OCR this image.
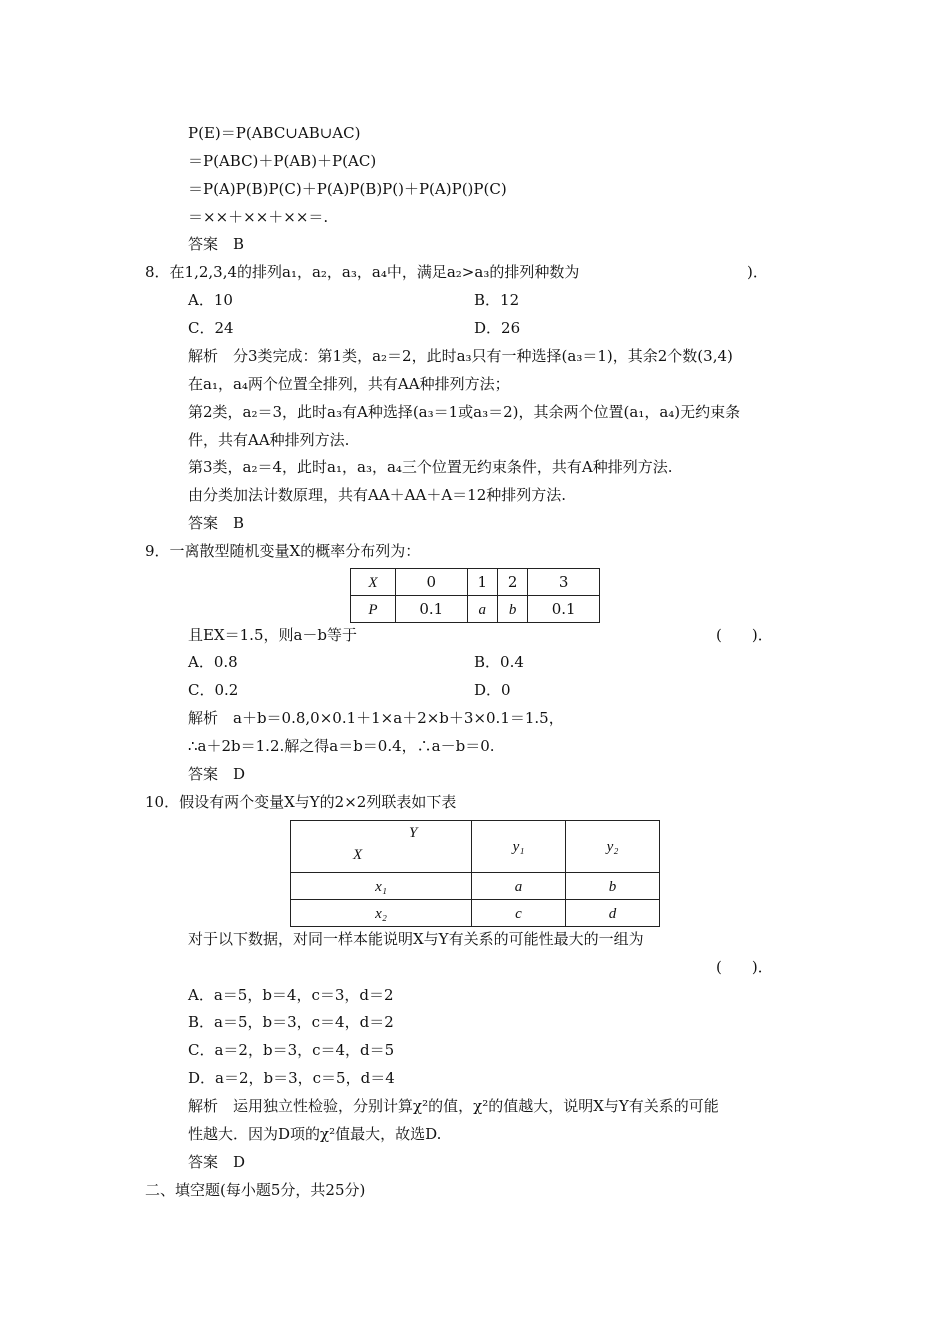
P(E)＝P(ABC∪AB∪AC)
＝P(ABC)＋P(AB)＋P(AC)
＝P(A)P(B)P(C)＋P(A)P(B)P()＋P(A)P()P(C)
＝××＋××＋××＝.
答案　B
8．在1,2,3,4的排列a₁，a₂，a₃，a₄中，满足a₂>a₃的排列种数为	)．
A．10	B．12
C．24	D．26
解析　分3类完成：第1类，a₂＝2，此时a₃只有一种选择(a₃＝1)，其余2个数(3,4)
在a₁，a₄两个位置全排列，共有AA种排列方法；
第2类，a₂＝3，此时a₃有A种选择(a₃＝1或a₃＝2)，其余两个位置(a₁，a₄)无约束条
件，共有AA种排列方法.
第3类，a₂＝4，此时a₁，a₃，a₄三个位置无约束条件，共有A种排列方法.
由分类加法计数原理，共有AA＋AA＋A＝12种排列方法.
答案　B
9．一离散型随机变量X的概率分布列为：
X	0	1	2	3
P	0.1	a	b	0.1
且EX＝1.5，则a－b等于	(　　)．
A．0.8	B．0.4
C．0.2	D．0
解析　a＋b＝0.8,0×0.1＋1×a＋2×b＋3×0.1＝1.5，
∴a＋2b＝1.2.解之得a＝b＝0.4，∴a－b＝0.
答案　D
10．假设有两个变量X与Y的2×2列联表如下表
Y
X	y₁	y₂
x₁	a	b
x₂	c	d
对于以下数据，对同一样本能说明X与Y有关系的可能性最大的一组为
(　　)．
A．a＝5，b＝4，c＝3，d＝2
B．a＝5，b＝3，c＝4，d＝2
C．a＝2，b＝3，c＝4，d＝5
D．a＝2，b＝3，c＝5，d＝4
解析　运用独立性检验，分别计算χ²的值，χ²的值越大，说明X与Y有关系的可能
性越大．因为D项的χ²值最大，故选D.
答案　D
二、填空题(每小题5分，共25分)
